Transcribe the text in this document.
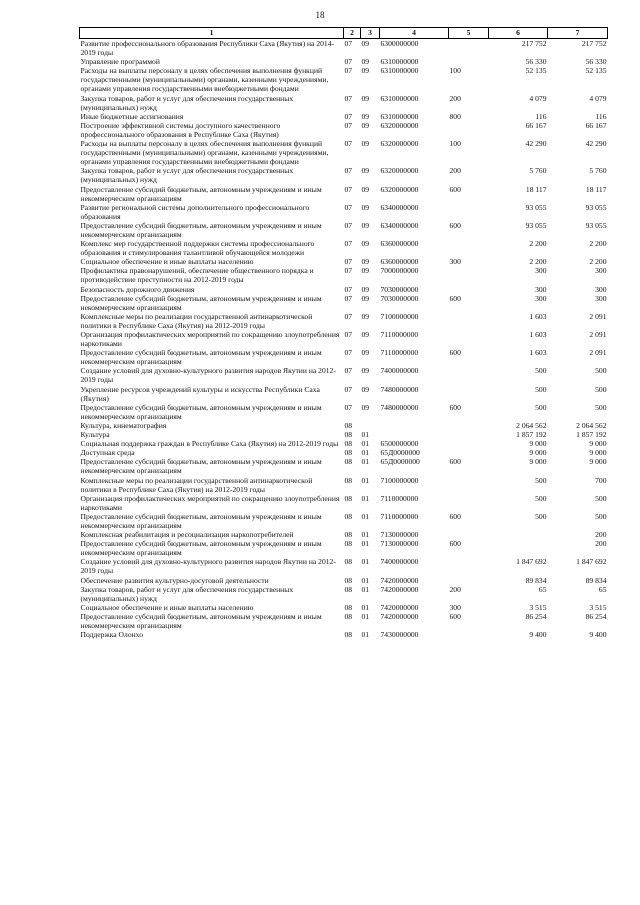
18
1	2	3	4	5	6	7
Развитие профессионального образования Республики Саха (Якутия) на 2014-2019 годы	07	09	6300000000		217 752	217 752
Управление программой	07	09	6310000000		56 330	56 330
Расходы на выплаты персоналу в целях обеспечения выполнения функций государственными (муниципальными) органами, казенными учреждениями, органами управления государственными внебюджетными фондами	07	09	6310000000	100	52 135	52 135
Закупка товаров, работ и услуг для обеспечения государственных (муниципальных) нужд	07	09	6310000000	200	4 079	4 079
Иные бюджетные ассигнования	07	09	6310000000	800	116	116
Построение эффективной системы доступного качественного профессионального образования в Республике Саха (Якутия)	07	09	6320000000		66 167	66 167
Расходы на выплаты персоналу в целях обеспечения выполнения функций государственными (муниципальными) органами, казенными учреждениями, органами управления государственными внебюджетными фондами	07	09	6320000000	100	42 290	42 290
Закупка товаров, работ и услуг для обеспечения государственных (муниципальных) нужд	07	09	6320000000	200	5 760	5 760
Предоставление субсидий бюджетным, автономным учреждениям и иным некоммерческим организациям	07	09	6320000000	600	18 117	18 117
Развитие региональной системы дополнительного профессионального образования	07	09	6340000000		93 055	93 055
Предоставление субсидий бюджетным, автономным учреждениям и иным некоммерческим организациям	07	09	6340000000	600	93 055	93 055
Комплекс мер государственной поддержки системы профессионального образования и стимулирования талантливой обучающейся молодежи	07	09	6360000000		2 200	2 200
Социальное обеспечение и иные выплаты населению	07	09	6360000000	300	2 200	2 200
Профилактика правонарушений, обеспечение общественного порядка и противодействие преступности на 2012-2019 годы	07	09	7000000000		300	300
Безопасность дорожного движения	07	09	7030000000		300	300
Предоставление субсидий бюджетным, автономным учреждениям и иным некоммерческим организациям	07	09	7030000000	600	300	300
Комплексные меры по реализации государственной антинаркотической политики в Республике Саха (Якутия) на 2012-2019 годы	07	09	7100000000		1 603	2 091
Организация профилактических мероприятий по сокращению злоупотребления наркотиками	07	09	7110000000		1 603	2 091
Предоставление субсидий бюджетным, автономным учреждениям и иным некоммерческим организациям	07	09	7110000000	600	1 603	2 091
Создание условий для духовно-культурного развития народов Якутии на 2012-2019 годы	07	09	7400000000		500	500
Укрепление ресурсов учреждений культуры и искусства Республики Саха (Якутия)	07	09	7480000000		500	500
Предоставление субсидий бюджетным, автономным учреждениям и иным некоммерческим организациям	07	09	7480000000	600	500	500
Культура, кинематография	08				2 064 562	2 064 562
Культура	08	01			1 857 192	1 857 192
Социальная поддержка граждан в Республике Саха (Якутия) на 2012-2019 годы	08	01	6500000000		9 000	9 000
Доступная среда	08	01	65Д0000000		9 000	9 000
Предоставление субсидий бюджетным, автономным учреждениям и иным некоммерческим организациям	08	01	65Д0000000	600	9 000	9 000
Комплексные меры по реализации государственной антинаркотической политики в Республике Саха (Якутия) на 2012-2019 годы	08	01	7100000000		500	700
Организация профилактических мероприятий по сокращению злоупотребления наркотиками	08	01	7110000000		500	500
Предоставление субсидий бюджетным, автономным учреждениям и иным некоммерческим организациям	08	01	7110000000	600	500	500
Комплексная реабилитация и ресоциализация наркопотребителей	08	01	7130000000			200
Предоставление субсидий бюджетным, автономным учреждениям и иным некоммерческим организациям	08	01	7130000000	600		200
Создание условий для духовно-культурного развития народов Якутии на 2012-2019 годы	08	01	7400000000		1 847 692	1 847 692
Обеспечение развития культурно-досуговой деятельности	08	01	7420000000		89 834	89 834
Закупка товаров, работ и услуг для обеспечения государственных (муниципальных) нужд	08	01	7420000000	200	65	65
Социальное обеспечение и иные выплаты населению	08	01	7420000000	300	3 515	3 515
Предоставление субсидий бюджетным, автономным учреждениям и иным некоммерческим организациям	08	01	7420000000	600	86 254	86 254
Поддержка Олонхо	08	01	7430000000		9 400	9 400
